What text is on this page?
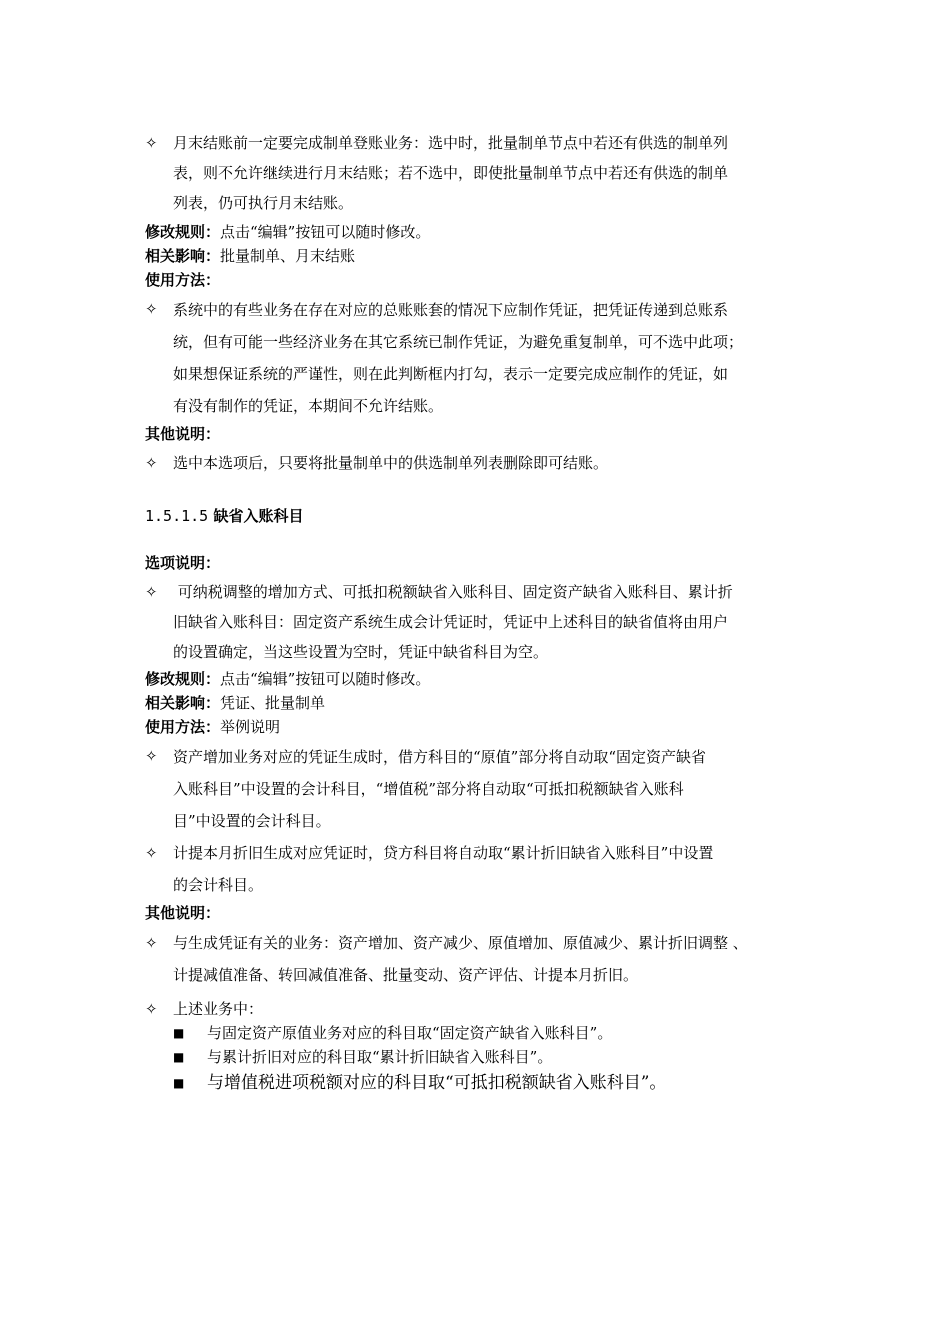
✧	月末结账前一定要完成制单登账业务：选中时，批量制单节点中若还有供选的制单列
表，则不允许继续进行月末结账；若不选中，即使批量制单节点中若还有供选的制单
列表，仍可执行月末结账。
修改规则：点击“编辑”按钮可以随时修改。
相关影响：批量制单、月末结账
使用方法：
✧	系统中的有些业务在存在对应的总账账套的情况下应制作凭证，把凭证传递到总账系
统，但有可能一些经济业务在其它系统已制作凭证，为避免重复制单，可不选中此项；
如果想保证系统的严谨性，则在此判断框内打勾，表示一定要完成应制作的凭证，如
有没有制作的凭证，本期间不允许结账。
其他说明：
✧	选中本选项后，只要将批量制单中的供选制单列表删除即可结账。
1.5.1.5 缺省入账科目
选项说明：
✧	可纳税调整的增加方式、可抵扣税额缺省入账科目、固定资产缺省入账科目、累计折
旧缺省入账科目：固定资产系统生成会计凭证时，凭证中上述科目的缺省值将由用户
的设置确定，当这些设置为空时，凭证中缺省科目为空。
修改规则：点击“编辑”按钮可以随时修改。
相关影响：凭证、批量制单
使用方法：举例说明
✧	资产增加业务对应的凭证生成时，借方科目的“原值”部分将自动取“固定资产缺省
入账科目”中设置的会计科目，“增值税”部分将自动取“可抵扣税额缺省入账科
目”中设置的会计科目。
✧	计提本月折旧生成对应凭证时，贷方科目将自动取“累计折旧缺省入账科目”中设置
的会计科目。
其他说明：
✧	与生成凭证有关的业务：资产增加、资产减少、原值增加、原值减少、累计折旧调整 、
计提减值准备、转回减值准备、批量变动、资产评估、计提本月折旧。
✧	上述业务中：
■ 与固定资产原值业务对应的科目取“固定资产缺省入账科目”。
■ 与累计折旧对应的科目取“累计折旧缺省入账科目”。
■ 与增值税进项税额对应的科目取“可抵扣税额缺省入账科目”。
